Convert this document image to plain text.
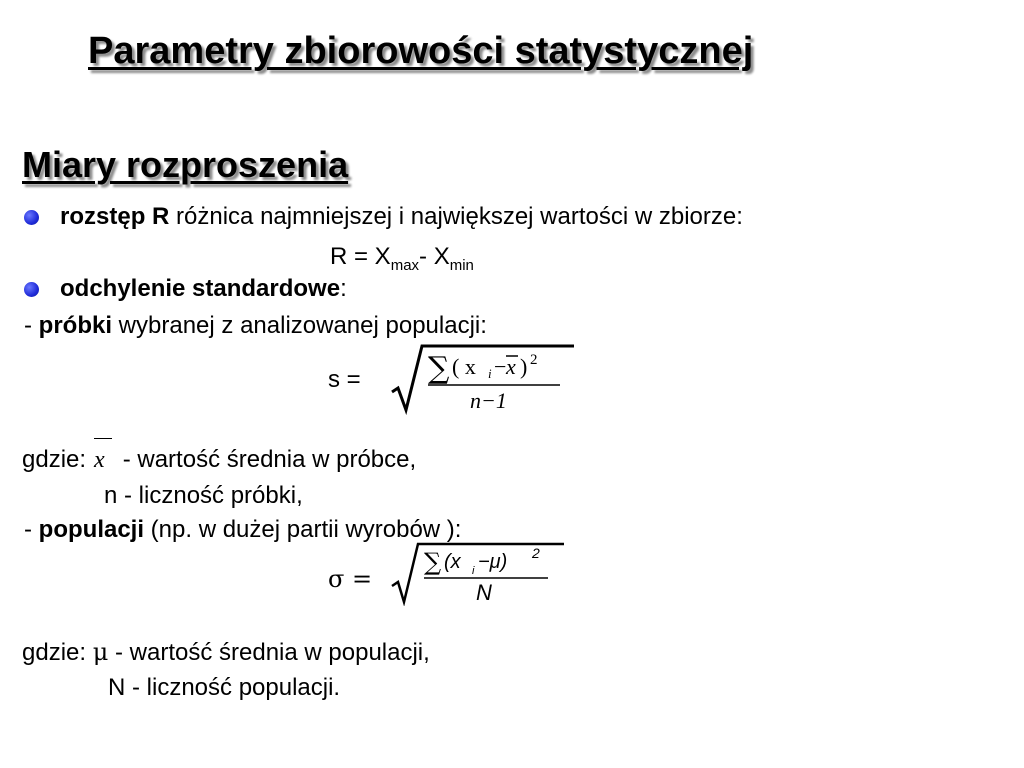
Parametry zbiorowości statystycznej
Miary rozproszenia
rozstęp R różnica najmniejszej i największej wartości w zbiorze:
$R = X_{max}-$ $X_{min}$
odchylenie standardowe:
- próbki wybranej z analizowanej populacji:
s = ∑ ( x i − x ) 2
n−1
gdzie: x - wartość średnia w próbce,
n - liczność próbki,
- populacji (np. w dużej partii wyrobów ):
σ =
∑ (x i −μ) 2
N
gdzie: μ - wartość średnia w populacji,
N - liczność populacji.
